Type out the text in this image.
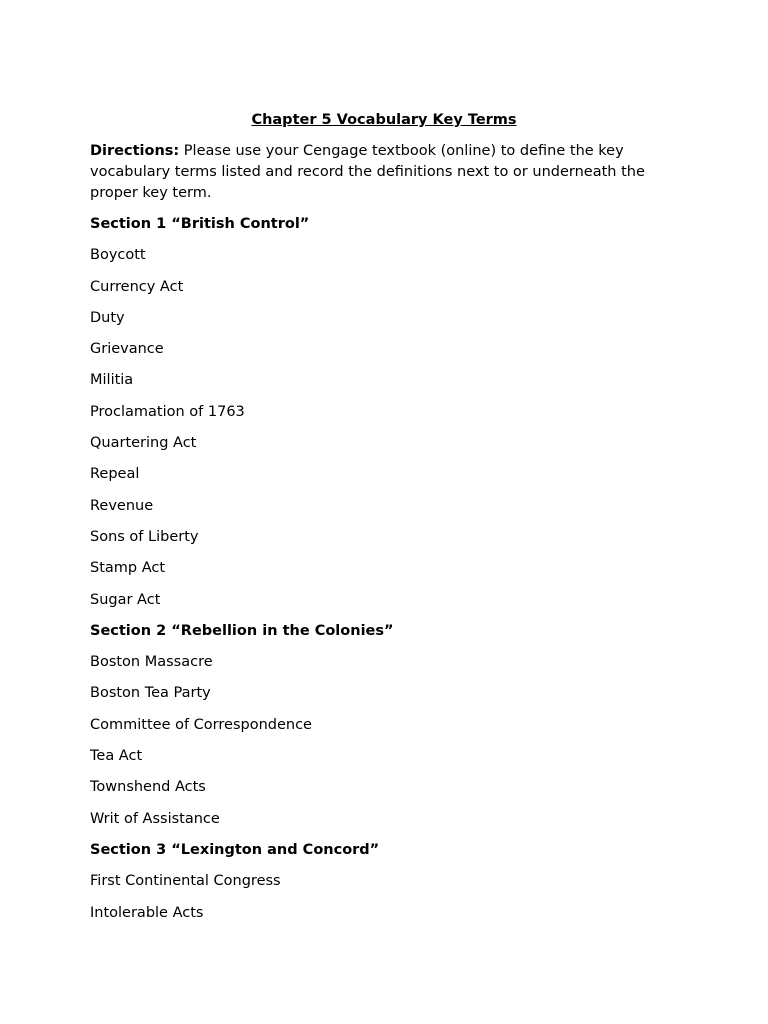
Chapter 5 Vocabulary Key Terms
Directions: Please use your Cengage textbook (online) to define the key vocabulary terms listed and record the definitions next to or underneath the proper key term.
Section 1 “British Control”
Boycott
Currency Act
Duty
Grievance
Militia
Proclamation of 1763
Quartering Act
Repeal
Revenue
Sons of Liberty
Stamp Act
Sugar Act
Section 2 “Rebellion in the Colonies”
Boston Massacre
Boston Tea Party
Committee of Correspondence
Tea Act
Townshend Acts
Writ of Assistance
Section 3 “Lexington and Concord”
First Continental Congress
Intolerable Acts
